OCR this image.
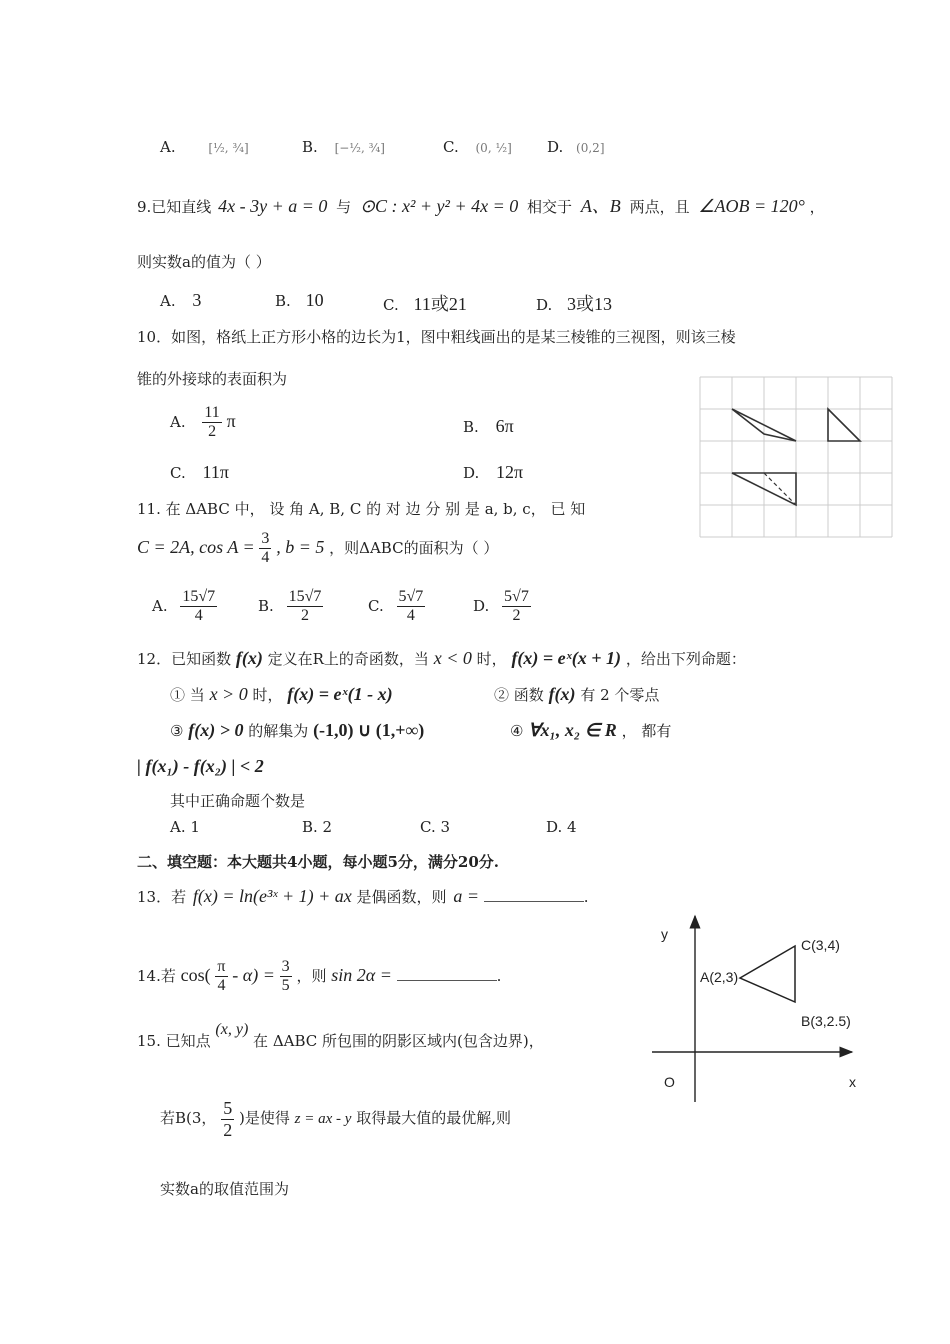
A.	[½, ¾]	B. [−½, ¾]	C. (0, ½] D. (0,2]
9.已知直线 4x - 3y + a = 0 与 ⊙C : x² + y² + 4x = 0 相交于 A、B 两点，且 ∠AOB = 120° ，
则实数a的值为（ ）
A. 3	B. 10	C. 11或21	D. 3或13
10．如图，格纸上正方形小格的边长为1，图中粗线画出的是某三棱锥的三视图，则该三棱
锥的外接球的表面积为
A. $\frac{11}{2}$ π	B. 6π
C. 11π	D. 12π
11. 在 ΔABC 中， 设 角 A, B, C 的 对 边 分 别 是 a, b, c， 已 知
C = 2A, $\cos A = \frac{3}{4}$ , b = 5 ，则ΔABC的面积为（ ）
A. $\frac{15√7}{4}$	B. $\frac{15√7}{2}$	C. $\frac{5√7}{4}$	D. $\frac{5√7}{2}$
12．已知函数 f(x) 定义在R上的奇函数，当 x < 0 时， f(x) = eˣ(x + 1) ，给出下列命题：
① 当 x > 0 时， f(x) = eˣ(1 - x)	② 函数 f(x) 有 2 个零点
③ f(x) > 0 的解集为 (-1,0) ∪ (1,+∞)	④ ∀x₁, x₂ ∈ R ， 都有
| f(x₁) - f(x₂) | < 2
其中正确命题个数是
A. 1	B. 2	C. 3	D. 4
二、填空题：本大题共4小题，每小题5分，满分20分.
13．若 f(x) = ln(e³ˣ + 1) + ax 是偶函数，则 a =	.
14.若 $\cos( \frac{\pi}{4} - \alpha) = \frac{3}{5}$ ，则 sin 2α =	.
15. 已知点 (x, y) 在 ΔABC 所包围的阴影区域内(包含边界)，
若B(3， $\frac{5}{2}$ )是使得 z = ax - y 取得最大值的最优解,则
实数a的取值范围为
y
x
O
A(2,3)
B(3,2.5)
C(3,4)
